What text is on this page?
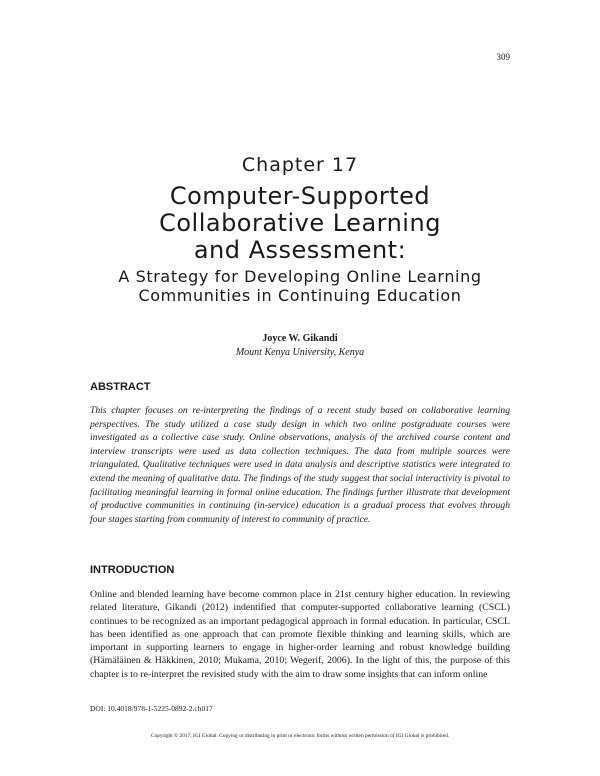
309
Chapter 17
Computer-Supported
Collaborative Learning
and Assessment:
A Strategy for Developing Online Learning
Communities in Continuing Education
Joyce W. Gikandi
Mount Kenya University, Kenya
ABSTRACT
This chapter focuses on re-interpreting the findings of a recent study based on collaborative learning perspectives. The study utilized a case study design in which two online postgraduate courses were investigated as a collective case study. Online observations, analysis of the archived course content and interview transcripts were used as data collection techniques. The data from multiple sources were triangulated. Qualitative techniques were used in data analysis and descriptive statistics were integrated to extend the meaning of qualitative data. The findings of the study suggest that social interactivity is pivotal to facilitating meaningful learning in formal online education. The findings further illustrate that development of productive communities in continuing (in-service) education is a gradual process that evolves through four stages starting from community of interest to community of practice.
INTRODUCTION
Online and blended learning have become common place in 21st century higher education. In reviewing related literature, Gikandi (2012) indentified that computer-supported collaborative learning (CSCL) continues to be recognized as an important pedagogical approach in formal education. In particular, CSCL has been identified as one approach that can promote flexible thinking and learning skills, which are important in supporting learners to engage in higher-order learning and robust knowledge building (Hämäläinen & Häkkinen, 2010; Mukama, 2010; Wegerif, 2006). In the light of this, the purpose of this chapter is to re-interpret the revisited study with the aim to draw some insights that can inform online
DOI: 10.4018/978-1-5225-0892-2.ch017
Copyright © 2017, IGI Global. Copying or distributing in print or electronic forms without written permission of IGI Global is prohibited.
